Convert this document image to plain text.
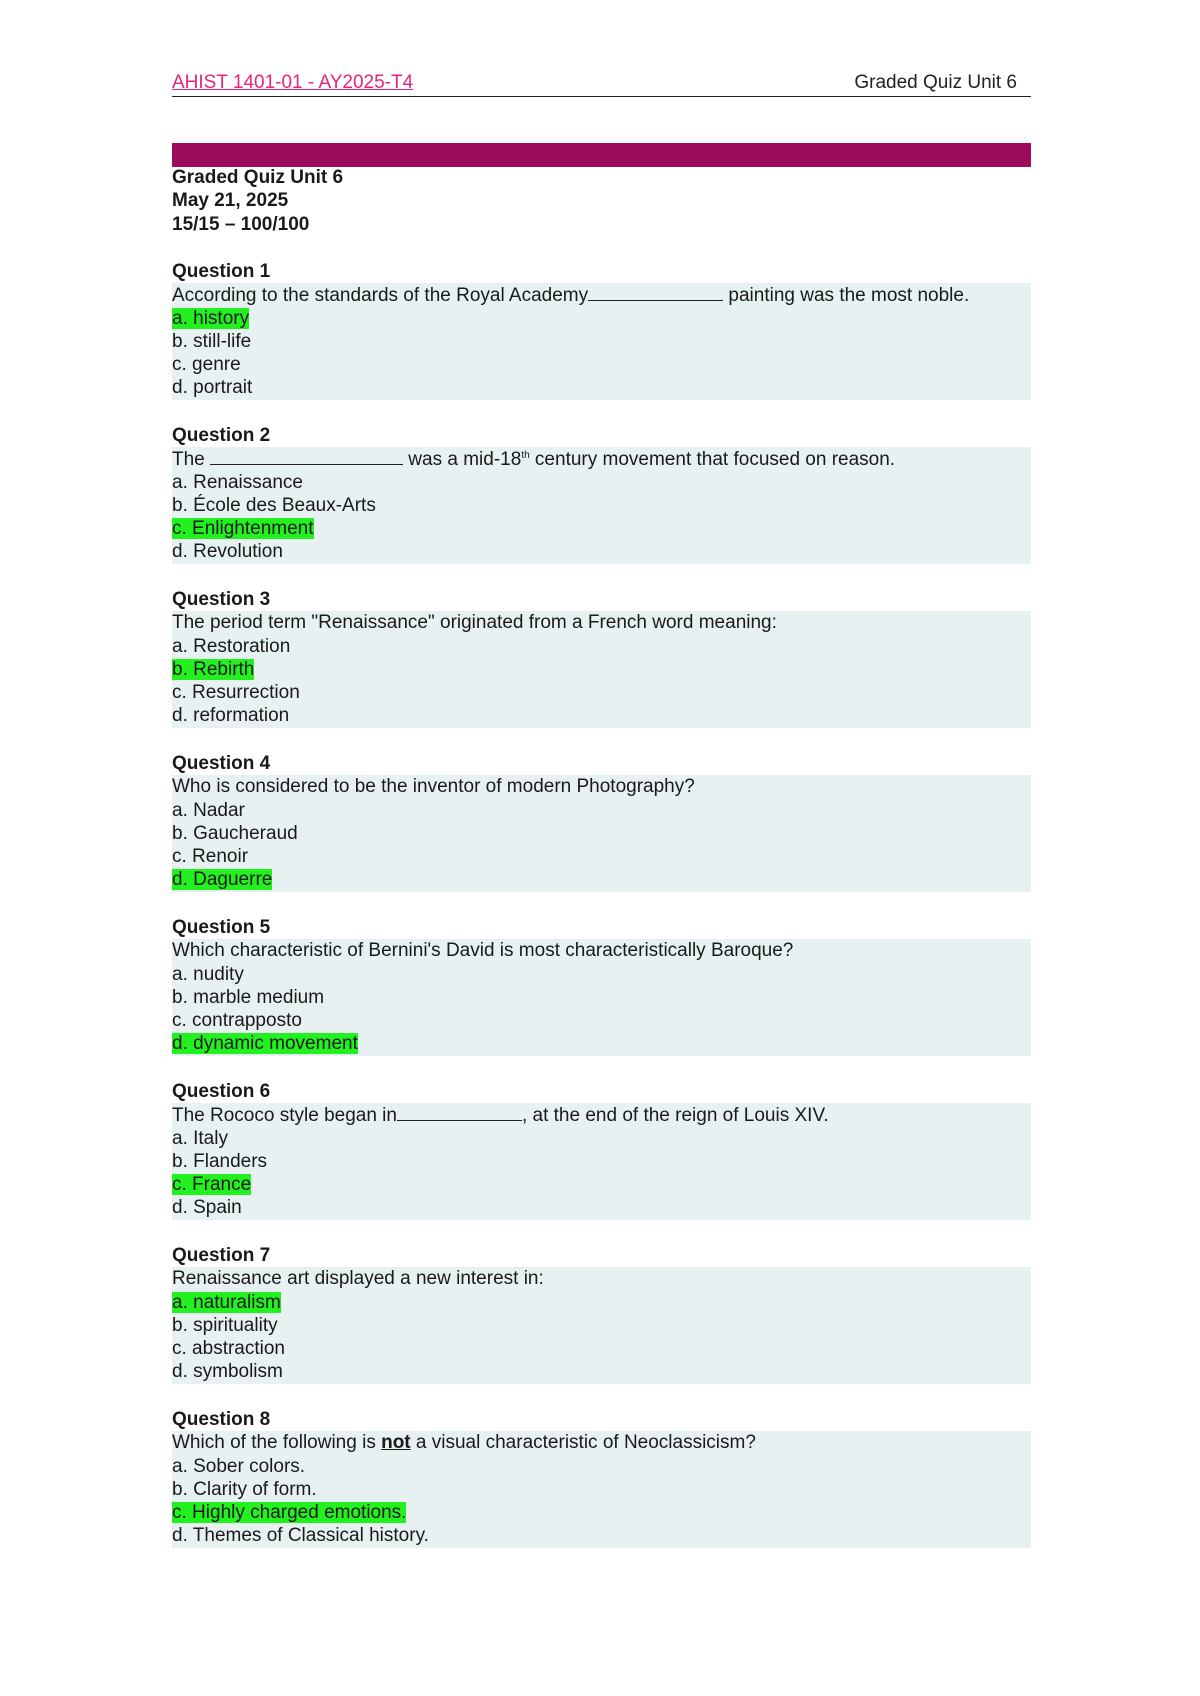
AHIST 1401-01 - AY2025-T4	Graded Quiz Unit 6
Graded Quiz Unit 6
May 21, 2025
15/15 – 100/100
Question 1
According to the standards of the Royal Academy	painting was the most noble.
a. history
b. still-life
c. genre
d. portrait
Question 2
The	was a mid-18th century movement that focused on reason.
a. Renaissance
b. École des Beaux-Arts
c. Enlightenment
d. Revolution
Question 3
The period term "Renaissance" originated from a French word meaning:
a. Restoration
b. Rebirth
c. Resurrection
d. reformation
Question 4
Who is considered to be the inventor of modern Photography?
a. Nadar
b. Gaucheraud
c. Renoir
d. Daguerre
Question 5
Which characteristic of Bernini's David is most characteristically Baroque?
a. nudity
b. marble medium
c. contrapposto
d. dynamic movement
Question 6
The Rococo style began in	, at the end of the reign of Louis XIV.
a. Italy
b. Flanders
c. France
d. Spain
Question 7
Renaissance art displayed a new interest in:
a. naturalism
b. spirituality
c. abstraction
d. symbolism
Question 8
Which of the following is not a visual characteristic of Neoclassicism?
a. Sober colors.
b. Clarity of form.
c. Highly charged emotions.
d. Themes of Classical history.
